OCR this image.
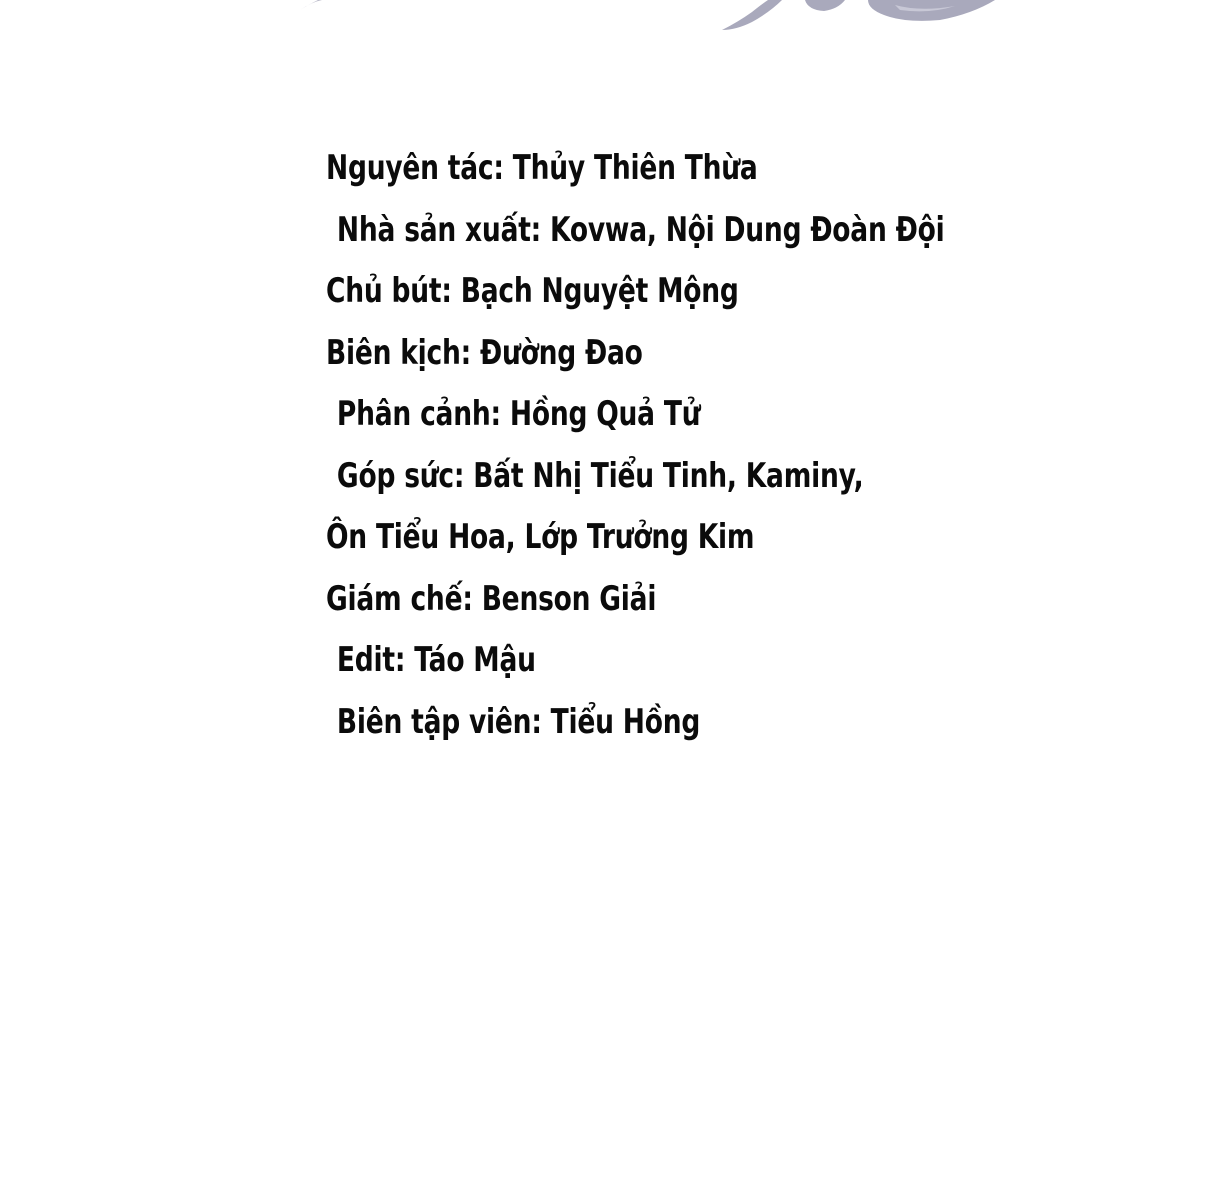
Nguyên tác: Thủy Thiên Thừa
Nhà sản xuất: Kovwa, Nội Dung Đoàn Đội
Chủ bút: Bạch Nguyệt Mộng
Biên kịch: Đường Đao
Phân cảnh: Hồng Quả Tử
Góp sức: Bất Nhị Tiểu Tinh, Kaminy,
Ôn Tiểu Hoa, Lớp Trưởng Kim
Giám chế: Benson Giải
Edit: Táo Mậu
Biên tập viên: Tiểu Hồng
